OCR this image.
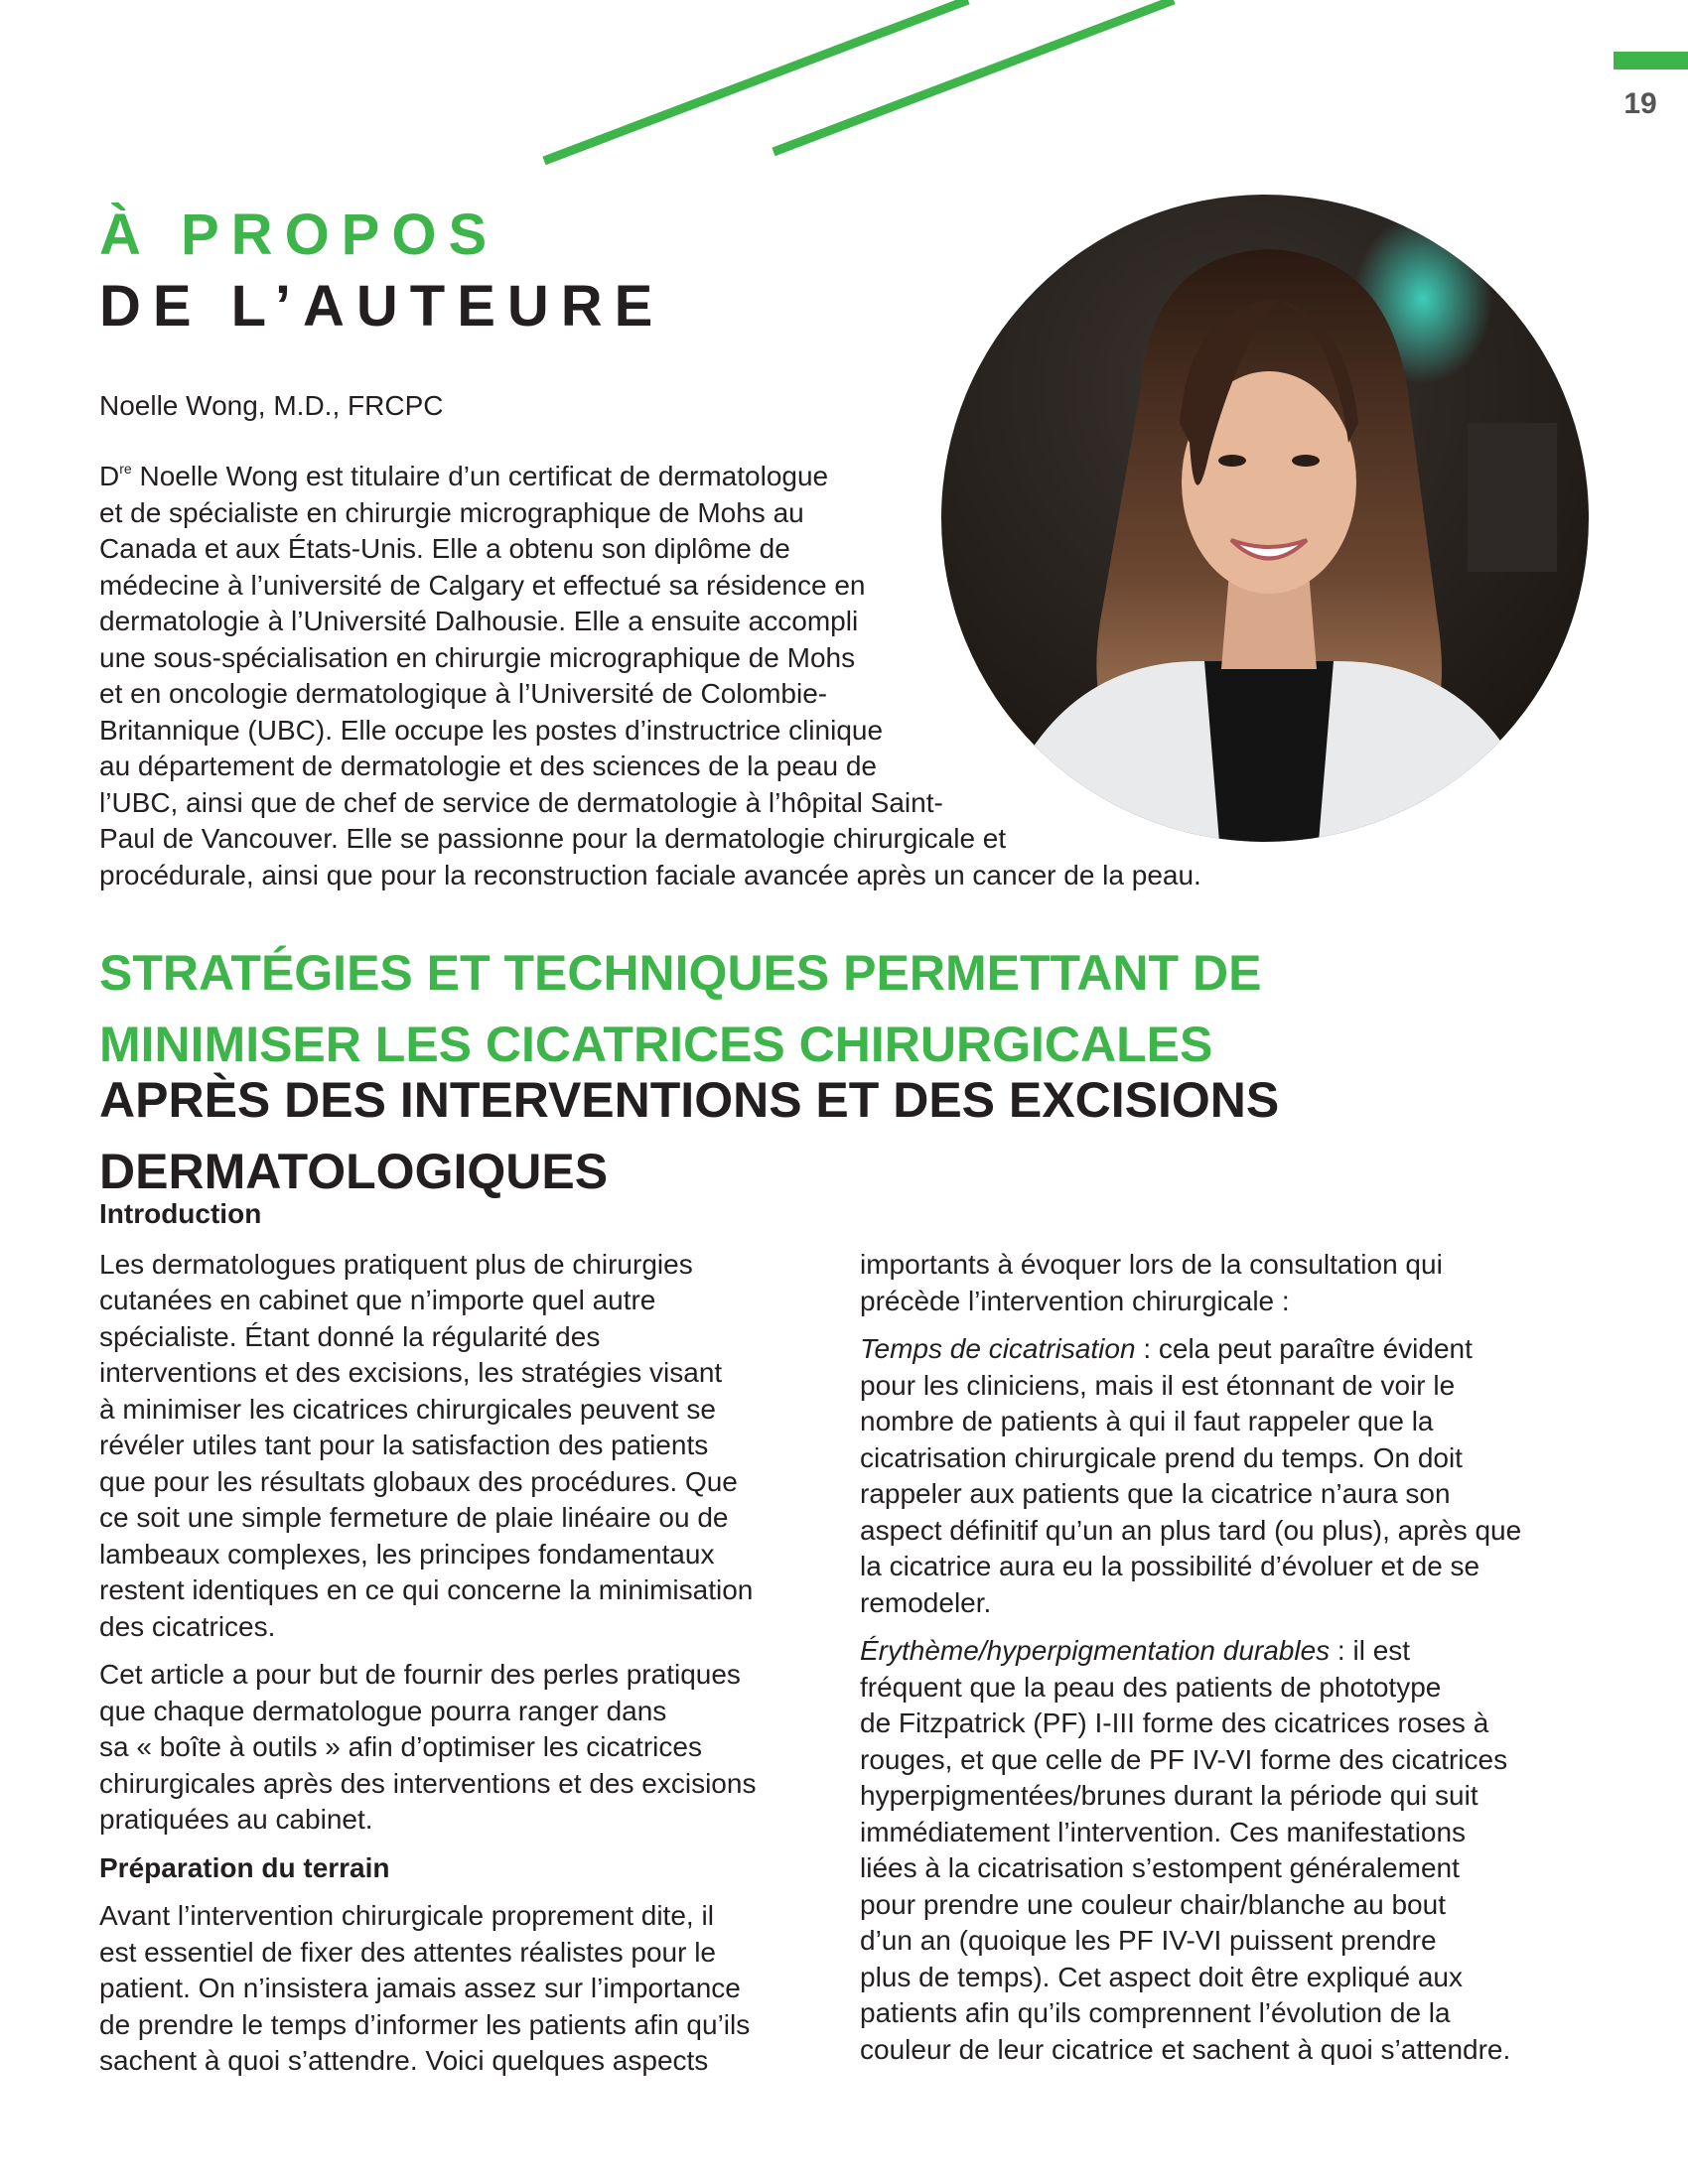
19
À PROPOS
DE L’AUTEURE

Noelle Wong, M.D., FRCPC

Dre Noelle Wong est titulaire d’un certificat de dermatologue
et de spécialiste en chirurgie micrographique de Mohs au
Canada et aux États-Unis. Elle a obtenu son diplôme de
médecine à l’université de Calgary et effectué sa résidence en
dermatologie à l’Université Dalhousie. Elle a ensuite accompli
une sous-spécialisation en chirurgie micrographique de Mohs
et en oncologie dermatologique à l’Université de Colombie-
Britannique (UBC). Elle occupe les postes d’instructrice clinique
au département de dermatologie et des sciences de la peau de
l’UBC, ainsi que de chef de service de dermatologie à l’hôpital Saint-
Paul de Vancouver. Elle se passionne pour la dermatologie chirurgicale et
procédurale, ainsi que pour la reconstruction faciale avancée après un cancer de la peau.

STRATÉGIES ET TECHNIQUES PERMETTANT DE
MINIMISER LES CICATRICES CHIRURGICALES
APRÈS DES INTERVENTIONS ET DES EXCISIONS
DERMATOLOGIQUES

Introduction

Les dermatologues pratiquent plus de chirurgies
cutanées en cabinet que n’importe quel autre
spécialiste. Étant donné la régularité des
interventions et des excisions, les stratégies visant
à minimiser les cicatrices chirurgicales peuvent se
révéler utiles tant pour la satisfaction des patients
que pour les résultats globaux des procédures. Que
ce soit une simple fermeture de plaie linéaire ou de
lambeaux complexes, les principes fondamentaux
restent identiques en ce qui concerne la minimisation
des cicatrices.

Cet article a pour but de fournir des perles pratiques
que chaque dermatologue pourra ranger dans
sa « boîte à outils » afin d’optimiser les cicatrices
chirurgicales après des interventions et des excisions
pratiquées au cabinet.

Préparation du terrain

Avant l’intervention chirurgicale proprement dite, il
est essentiel de fixer des attentes réalistes pour le
patient. On n’insistera jamais assez sur l’importance
de prendre le temps d’informer les patients afin qu’ils
sachent à quoi s’attendre. Voici quelques aspects

importants à évoquer lors de la consultation qui
précède l’intervention chirurgicale :

Temps de cicatrisation : cela peut paraître évident
pour les cliniciens, mais il est étonnant de voir le
nombre de patients à qui il faut rappeler que la
cicatrisation chirurgicale prend du temps. On doit
rappeler aux patients que la cicatrice n’aura son
aspect définitif qu’un an plus tard (ou plus), après que
la cicatrice aura eu la possibilité d’évoluer et de se
remodeler.

Érythème/hyperpigmentation durables : il est
fréquent que la peau des patients de phototype
de Fitzpatrick (PF) I-III forme des cicatrices roses à
rouges, et que celle de PF IV-VI forme des cicatrices
hyperpigmentées/brunes durant la période qui suit
immédiatement l’intervention. Ces manifestations
liées à la cicatrisation s’estompent généralement
pour prendre une couleur chair/blanche au bout
d’un an (quoique les PF IV-VI puissent prendre
plus de temps). Cet aspect doit être expliqué aux
patients afin qu’ils comprennent l’évolution de la
couleur de leur cicatrice et sachent à quoi s’attendre.
